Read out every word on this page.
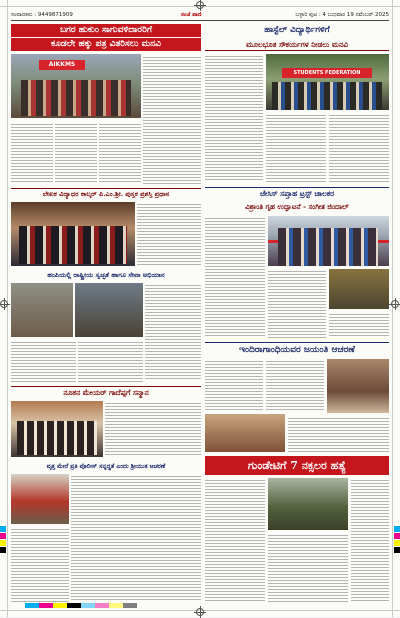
ಸಂಪಾದಕರು : 9449871909	ಸಂಜೆ ವಾಣಿ	ಬಳ್ಳಾರಿ ಪುಟ : 4 ಬುಧವಾರ 19 ನವೆಂಬರ್ 2025
ಬಗರ ಹುಕುಂ ಸಾಗುವಳಿದಾರರಿಗೆ
ಕೂಡಲೇ ಹಕ್ಕು ಪತ್ರ ವಿತರಿಸಲು ಮನವಿ
AIKKMS
ಲೇಖಕ ವಿದ್ಯಾಧರ ಕಾಲ್ಕರ್ ಪಿ.ಎಂ.ಶ್ರೀ. ಪುಸ್ತಕ ಪ್ರಶಸ್ತಿ ಪ್ರಧಾನ
ಹಂಪಿಯಲ್ಲಿ ರಾಷ್ಟ್ರೀಯ ಸ್ವಚ್ಛತೆ ಹಾಗೂ ಸೇವಾ ಅಭಿಯಾನ
ನೂತನ ಮೇಯರ್ ಗಾದೆಪ್ಪಗೆ ಸನ್ಮಾನ
ವೃತ್ತ ಮೇರೆ ಪ್ರತಿ ಪೊಲೀಸ್ ಸನ್ನದ್ಧತೆ ಎಂದು ಶ್ರೀಯುತ ಆಚರಣೆ
ಹಾಸ್ಟೆಲ್ ವಿದ್ಯಾರ್ಥಿಗಳಿಗೆ
ಮೂಲಭೂತ ಸೌಕರ್ಯಗಳ ನೀಡಲು ಮನವಿ
STUDENTS FEDERATION
ಜೇಸಿಸ್ ಸಪ್ತಾಹ ಟ್ರಸ್ಟ್ ಚಾಲಕರ
ವಿಶ್ರಾಂತಿ ಗೃಹ ಉದ್ಘಾಟನೆ - ಸಂಗೀತ ಜಿಂದಾಲ್
ಇಂದಿರಾಗಾಂಧಿಯವರ ಜಯಂತಿ ಆಚರಣೆ
ಗುಂಡೇಟಿಗೆ 7 ನಕ್ಸಲರ ಹತ್ಯೆ
